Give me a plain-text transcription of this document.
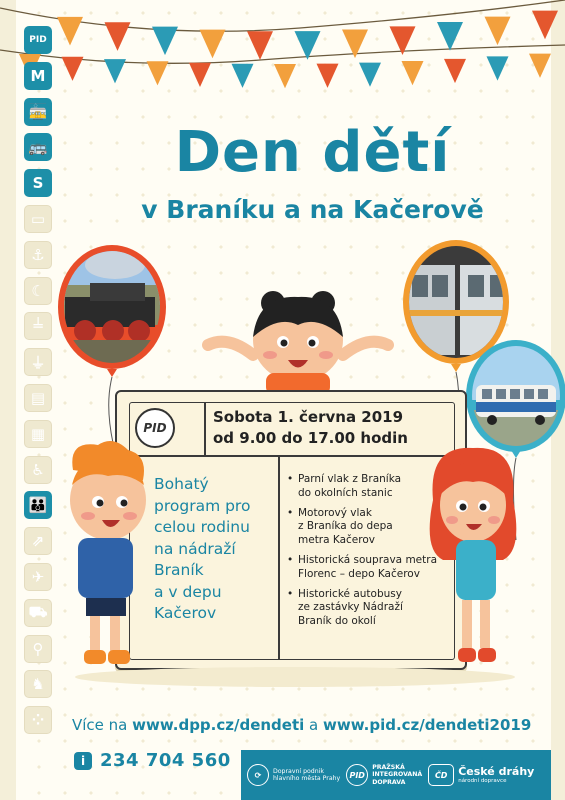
PID
M
🚋
🚌
S
▭
⚓
☾
╧
⏚
▤
▦
♿
👪
⇗
✈
⛟
⚲
♞
⁘
Den dětí
v Braníku a na Kačerově
PID
Sobota 1. června 2019
od 9.00 do 17.00 hodin
Bohatý
program pro
celou rodinu
na nádraží
Braník
a v depu
Kačerov
• Parní vlak z Braníka
do okolních stanic
• Motorový vlak
z Braníka do depa
metra Kačerov
• Historická souprava metra
Florenc – depo Kačerov
• Historické autobusy
ze zastávky Nádraží
Braník do okolí
Více na www.dpp.cz/dendeti a www.pid.cz/dendeti2019
i 234 704 560
⟳	Dopravní podnik
hlavního města Prahy	PID
PRAŽSKÁ
INTEGROVANÁ
DOPRAVA
ČD České dráhy
národní dopravce
